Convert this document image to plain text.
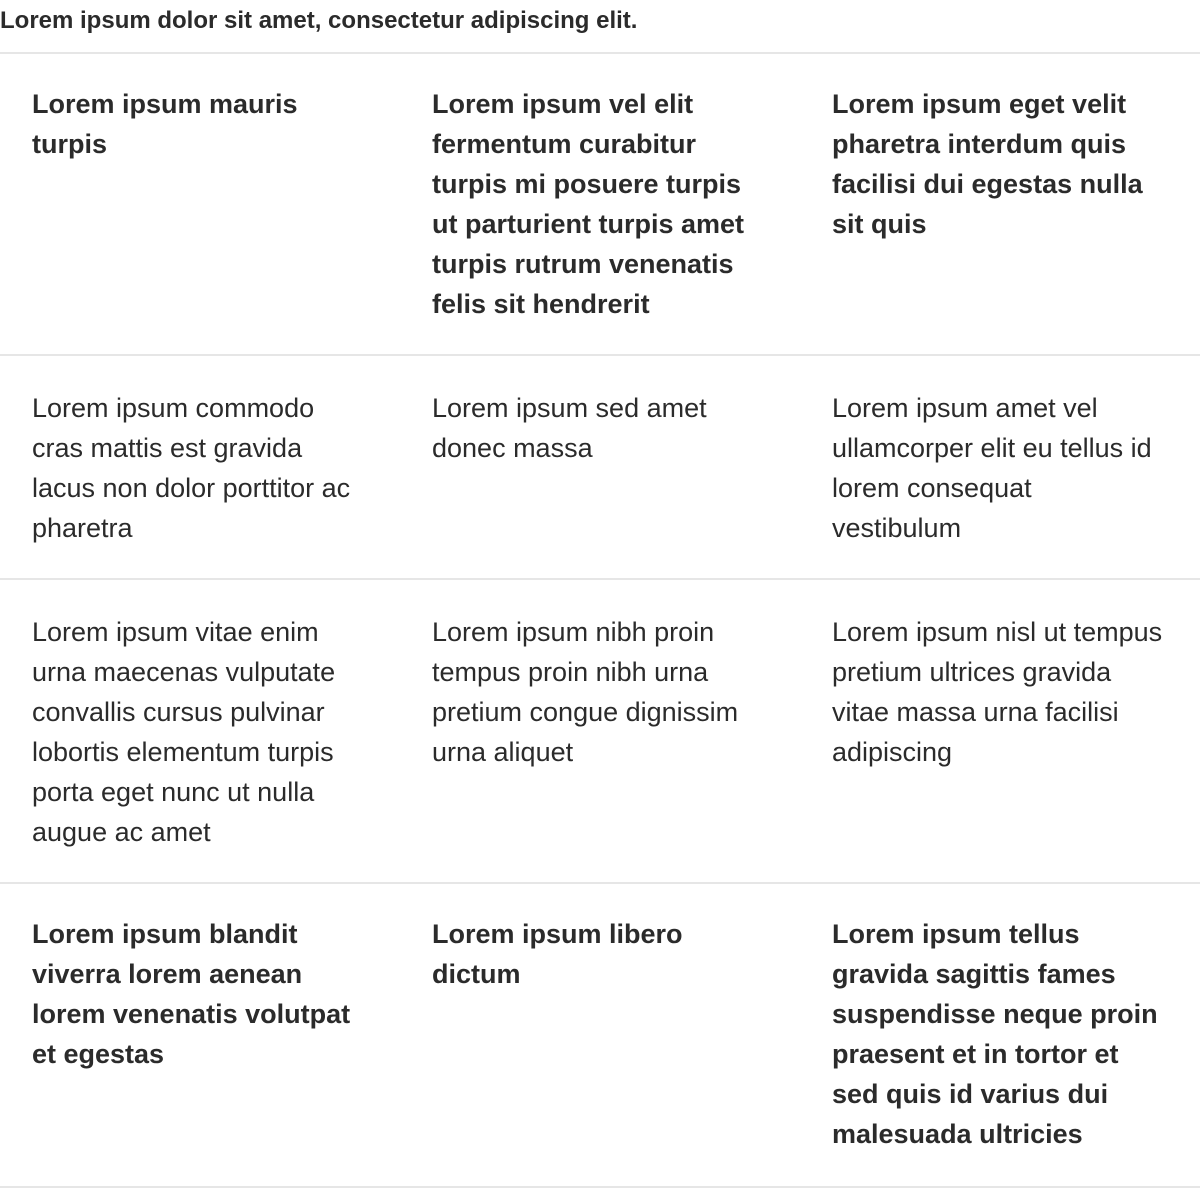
Lorem ipsum dolor sit amet, consectetur adipiscing elit.
Lorem ipsum mauris turpis
Lorem ipsum vel elit fermentum curabitur turpis mi posuere turpis ut parturient turpis amet turpis rutrum venenatis felis sit hendrerit
Lorem ipsum eget velit pharetra interdum quis facilisi dui egestas nulla sit quis
Lorem ipsum commodo cras mattis est gravida lacus non dolor porttitor ac pharetra
Lorem ipsum sed amet donec massa
Lorem ipsum amet vel ullamcorper elit eu tellus id lorem consequat vestibulum
Lorem ipsum vitae enim urna maecenas vulputate convallis cursus pulvinar lobortis elementum turpis porta eget nunc ut nulla augue ac amet
Lorem ipsum nibh proin tempus proin nibh urna pretium congue dignissim urna aliquet
Lorem ipsum nisl ut tempus pretium ultrices gravida vitae massa urna facilisi adipiscing
Lorem ipsum blandit viverra lorem aenean lorem venenatis volutpat et egestas
Lorem ipsum libero dictum
Lorem ipsum tellus gravida sagittis fames suspendisse neque proin praesent et in tortor et sed quis id varius dui malesuada ultricies
